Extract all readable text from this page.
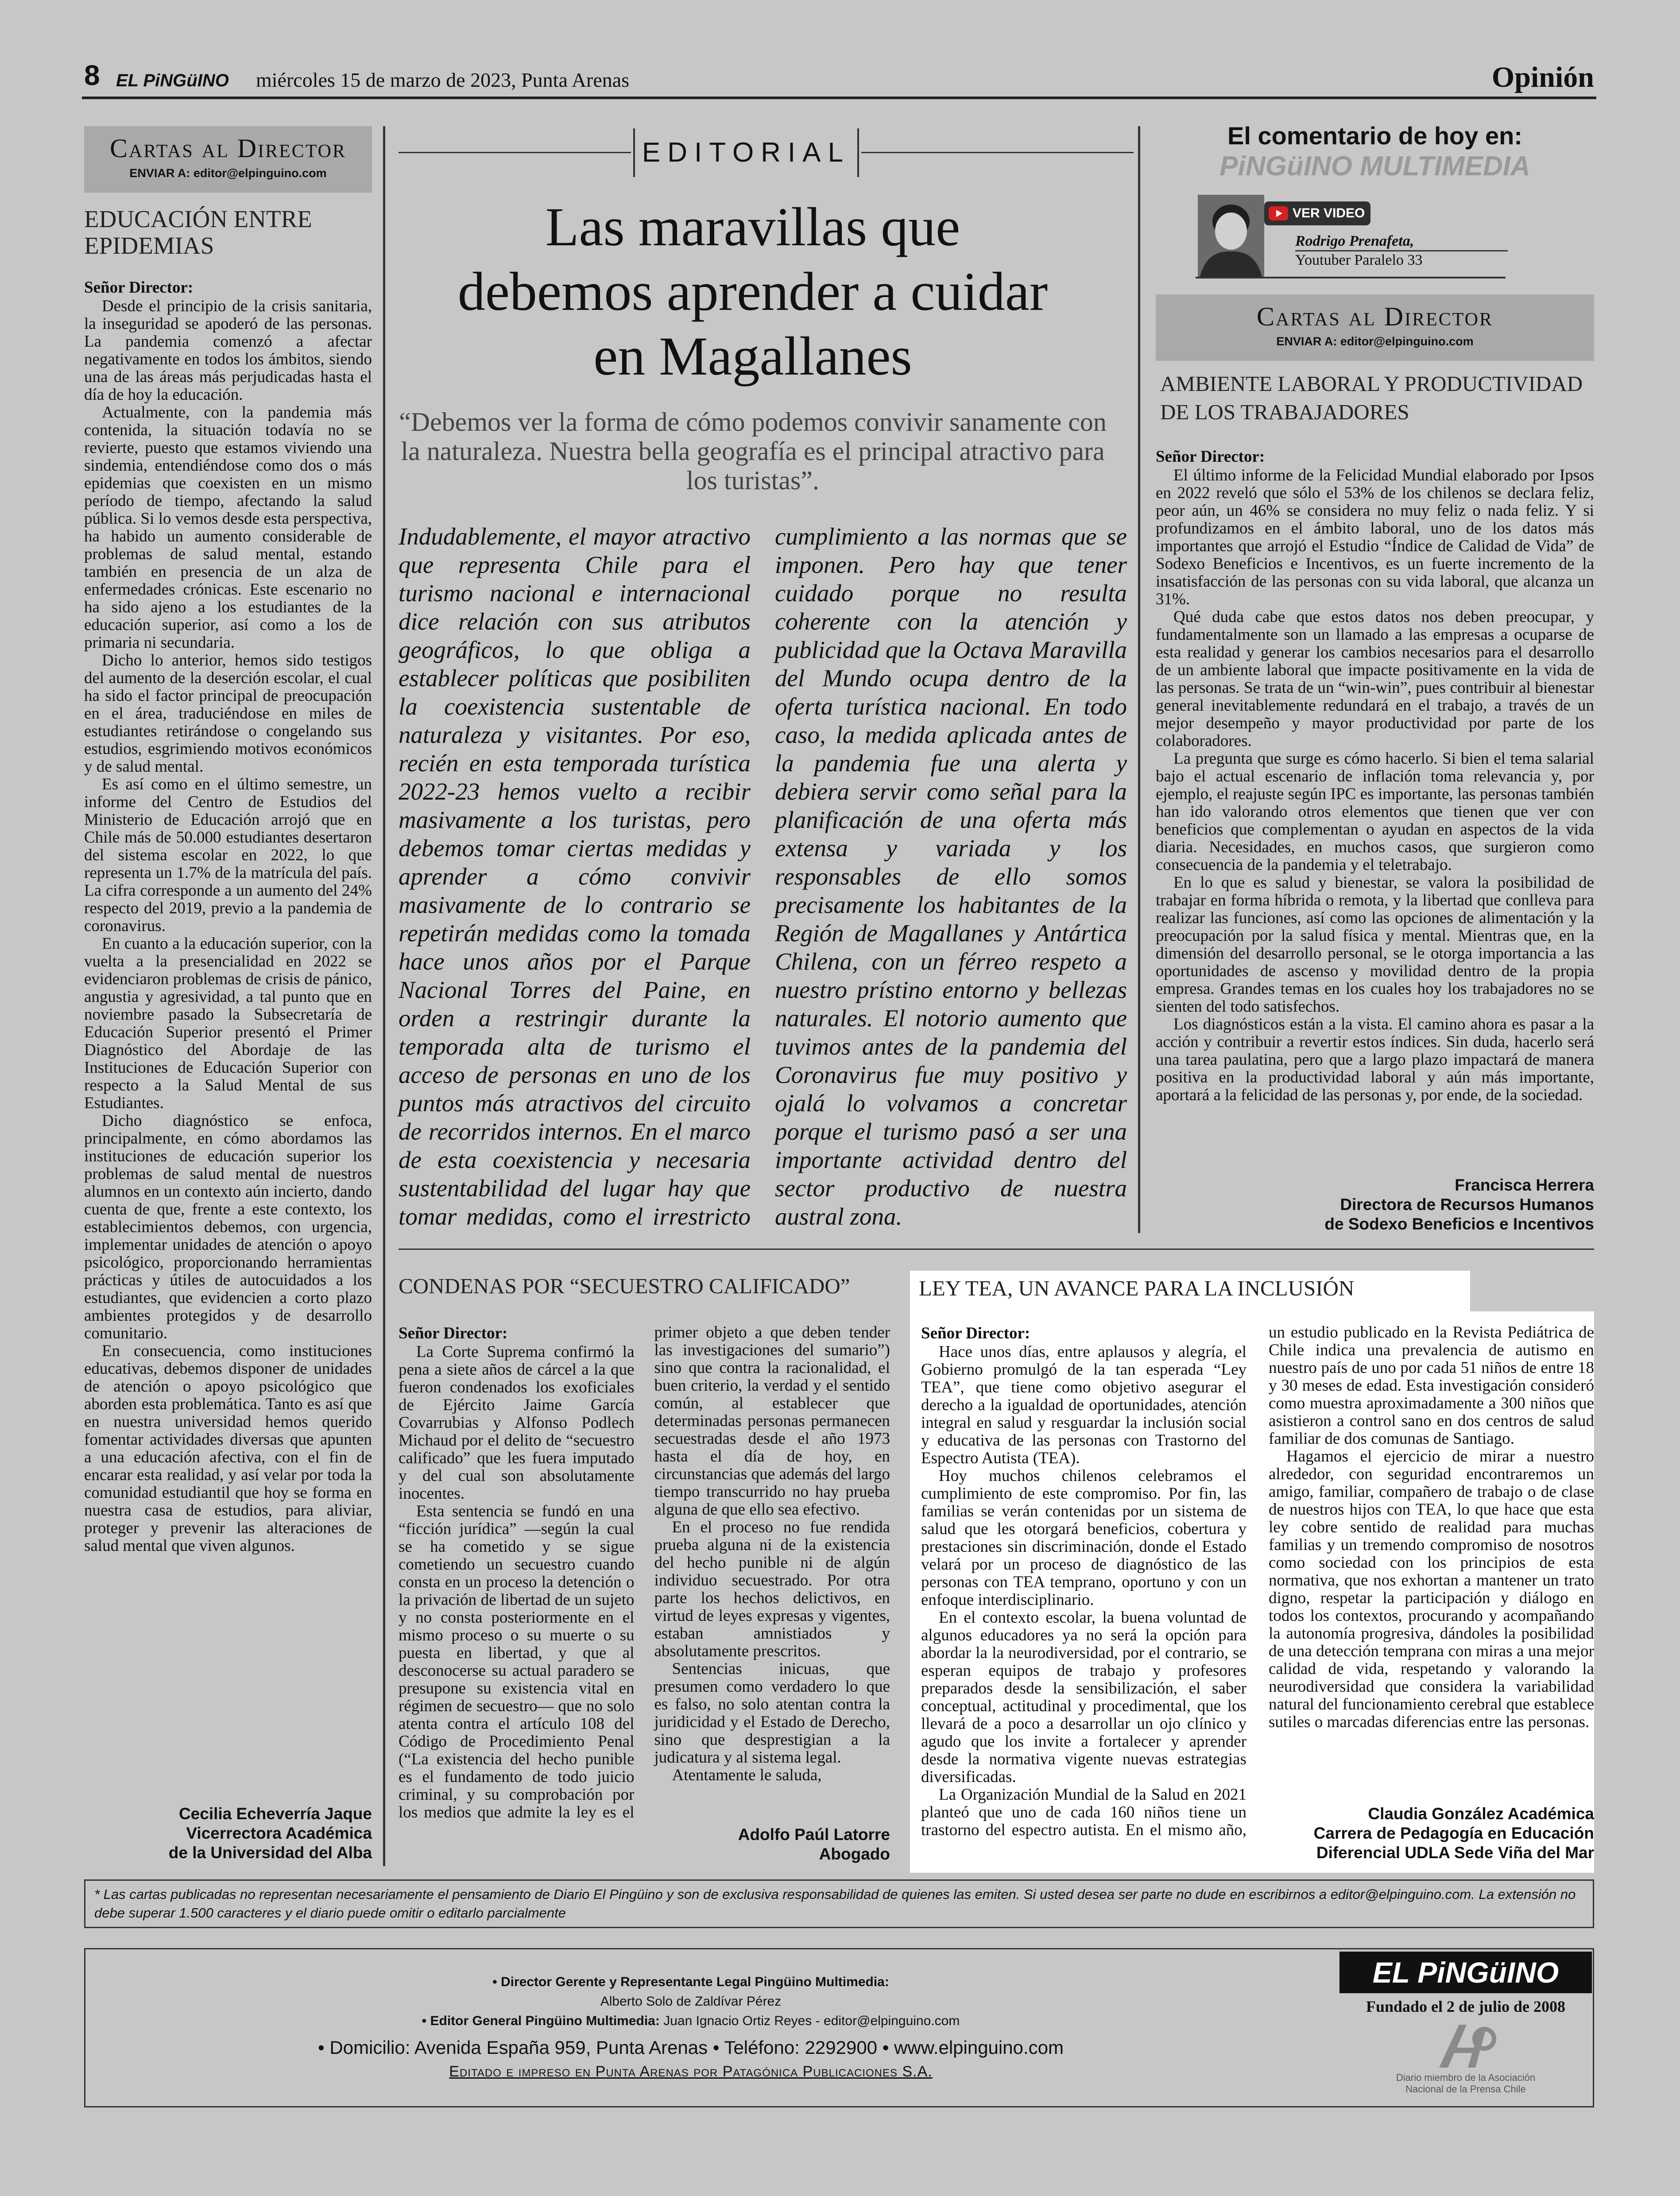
8 EL PiNGüINO miércoles 15 de marzo de 2023, Punta Arenas	Opinión
Cartas al Director
ENVIAR A: editor@elpinguino.com
EDUCACIÓN ENTRE EPIDEMIAS
Señor Director:

Desde el principio de la crisis sanitaria, la inseguridad se apoderó de las personas. La pandemia comenzó a afectar negativamente en todos los ámbitos, siendo una de las áreas más perjudicadas hasta el día de hoy la educación.

Actualmente, con la pandemia más contenida, la situación todavía no se revierte, puesto que estamos viviendo una sindemia, entendiéndose como dos o más epidemias que coexisten en un mismo período de tiempo, afectando la salud pública. Si lo vemos desde esta perspectiva, ha habido un aumento considerable de problemas de salud mental, estando también en presencia de un alza de enfermedades crónicas. Este escenario no ha sido ajeno a los estudiantes de la educación superior, así como a los de primaria ni secundaria.

Dicho lo anterior, hemos sido testigos del aumento de la deserción escolar, el cual ha sido el factor principal de preocupación en el área, traduciéndose en miles de estudiantes retirándose o congelando sus estudios, esgrimiendo motivos económicos y de salud mental.

Es así como en el último semestre, un informe del Centro de Estudios del Ministerio de Educación arrojó que en Chile más de 50.000 estudiantes desertaron del sistema escolar en 2022, lo que representa un 1.7% de la matrícula del país. La cifra corresponde a un aumento del 24% respecto del 2019, previo a la pandemia de coronavirus.

En cuanto a la educación superior, con la vuelta a la presencialidad en 2022 se evidenciaron problemas de crisis de pánico, angustia y agresividad, a tal punto que en noviembre pasado la Subsecretaría de Educación Superior presentó el Primer Diagnóstico del Abordaje de las Instituciones de Educación Superior con respecto a la Salud Mental de sus Estudiantes.

Dicho diagnóstico se enfoca, principalmente, en cómo abordamos las instituciones de educación superior los problemas de salud mental de nuestros alumnos en un contexto aún incierto, dando cuenta de que, frente a este contexto, los establecimientos debemos, con urgencia, implementar unidades de atención o apoyo psicológico, proporcionando herramientas prácticas y útiles de autocuidados a los estudiantes, que evidencien a corto plazo ambientes protegidos y de desarrollo comunitario.

En consecuencia, como instituciones educativas, debemos disponer de unidades de atención o apoyo psicológico que aborden esta problemática. Tanto es así que en nuestra universidad hemos querido fomentar actividades diversas que apunten a una educación afectiva, con el fin de encarar esta realidad, y así velar por toda la comunidad estudiantil que hoy se forma en nuestra casa de estudios, para aliviar, proteger y prevenir las alteraciones de salud mental que viven algunos.

Cecilia Echeverría Jaque
Vicerrectora Académica
de la Universidad del Alba
EDITORIAL
Las maravillas que debemos aprender a cuidar en Magallanes
“Debemos ver la forma de cómo podemos convivir sanamente con la naturaleza. Nuestra bella geografía es el principal atractivo para los turistas”.
Indudablemente, el mayor atractivo que representa Chile para el turismo nacional e internacional dice relación con sus atributos geográficos, lo que obliga a establecer políticas que posibiliten la coexistencia sustentable de naturaleza y visitantes. Por eso, recién en esta temporada turística 2022-23 hemos vuelto a recibir masivamente a los turistas, pero debemos tomar ciertas medidas y aprender a cómo convivir masivamente de lo contrario se repetirán medidas como la tomada hace unos años por el Parque Nacional Torres del Paine, en orden a restringir durante la temporada alta de turismo el acceso de personas en uno de los puntos más atractivos del circuito de recorridos internos. En el marco de esta coexistencia y necesaria sustentabilidad del lugar hay que tomar medidas, como el irrestricto cumplimiento a las normas que se imponen. Pero hay que tener cuidado porque no resulta coherente con la atención y publicidad que la Octava Maravilla del Mundo ocupa dentro de la oferta turística nacional. En todo caso, la medida aplicada antes de la pandemia fue una alerta y debiera servir como señal para la planificación de una oferta más extensa y variada y los responsables de ello somos precisamente los habitantes de la Región de Magallanes y Antártica Chilena, con un férreo respeto a nuestro prístino entorno y bellezas naturales. El notorio aumento que tuvimos antes de la pandemia del Coronavirus fue muy positivo y ojalá lo volvamos a concretar porque el turismo pasó a ser una importante actividad dentro del sector productivo de nuestra austral zona.
El comentario de hoy en:
PiNGüINO MULTIMEDIA
VER VIDEO
Rodrigo Prenafeta,
Youtuber Paralelo 33
Cartas al Director
ENVIAR A: editor@elpinguino.com
AMBIENTE LABORAL Y PRODUCTIVIDAD DE LOS TRABAJADORES
Señor Director:

El último informe de la Felicidad Mundial elaborado por Ipsos en 2022 reveló que sólo el 53% de los chilenos se declara feliz, peor aún, un 46% se considera no muy feliz o nada feliz. Y si profundizamos en el ámbito laboral, uno de los datos más importantes que arrojó el Estudio “Índice de Calidad de Vida” de Sodexo Beneficios e Incentivos, es un fuerte incremento de la insatisfacción de las personas con su vida laboral, que alcanza un 31%.

Qué duda cabe que estos datos nos deben preocupar, y fundamentalmente son un llamado a las empresas a ocuparse de esta realidad y generar los cambios necesarios para el desarrollo de un ambiente laboral que impacte positivamente en la vida de las personas. Se trata de un “win-win”, pues contribuir al bienestar general inevitablemente redundará en el trabajo, a través de un mejor desempeño y mayor productividad por parte de los colaboradores.

La pregunta que surge es cómo hacerlo. Si bien el tema salarial bajo el actual escenario de inflación toma relevancia y, por ejemplo, el reajuste según IPC es importante, las personas también han ido valorando otros elementos que tienen que ver con beneficios que complementan o ayudan en aspectos de la vida diaria. Necesidades, en muchos casos, que surgieron como consecuencia de la pandemia y el teletrabajo.

En lo que es salud y bienestar, se valora la posibilidad de trabajar en forma híbrida o remota, y la libertad que conlleva para realizar las funciones, así como las opciones de alimentación y la preocupación por la salud física y mental. Mientras que, en la dimensión del desarrollo personal, se le otorga importancia a las oportunidades de ascenso y movilidad dentro de la propia empresa. Grandes temas en los cuales hoy los trabajadores no se sienten del todo satisfechos.

Los diagnósticos están a la vista. El camino ahora es pasar a la acción y contribuir a revertir estos índices. Sin duda, hacerlo será una tarea paulatina, pero que a largo plazo impactará de manera positiva en la productividad laboral y aún más importante, aportará a la felicidad de las personas y, por ende, de la sociedad.

Francisca Herrera
Directora de Recursos Humanos
de Sodexo Beneficios e Incentivos
CONDENAS POR “SECUESTRO CALIFICADO”
Señor Director:

La Corte Suprema confirmó la pena a siete años de cárcel a la que fueron condenados los exoficiales de Ejército Jaime García Covarrubias y Alfonso Podlech Michaud por el delito de “secuestro calificado” que les fuera imputado y del cual son absolutamente inocentes.

Esta sentencia se fundó en una “ficción jurídica” —según la cual se ha cometido y se sigue cometiendo un secuestro cuando consta en un proceso la detención o la privación de libertad de un sujeto y no consta posteriormente en el mismo proceso o su muerte o su puesta en libertad, y que al desconocerse su actual paradero se presupone su existencia vital en régimen de secuestro— que no solo atenta contra el artículo 108 del Código de Procedimiento Penal (“La existencia del hecho punible es el fundamento de todo juicio criminal, y su comprobación por los medios que admite la ley es el primer objeto a que deben tender las investigaciones del sumario”) sino que contra la racionalidad, el buen criterio, la verdad y el sentido común, al establecer que determinadas personas permanecen secuestradas desde el año 1973 hasta el día de hoy, en circunstancias que además del largo tiempo transcurrido no hay prueba alguna de que ello sea efectivo.

En el proceso no fue rendida prueba alguna ni de la existencia del hecho punible ni de algún individuo secuestrado. Por otra parte los hechos delictivos, en virtud de leyes expresas y vigentes, estaban amnistiados y absolutamente prescritos.

Sentencias inicuas, que presumen como verdadero lo que es falso, no solo atentan contra la juridicidad y el Estado de Derecho, sino que desprestigian a la judicatura y al sistema legal.

Atentamente le saluda,

Adolfo Paúl Latorre
Abogado
LEY TEA, UN AVANCE PARA LA INCLUSIÓN
Señor Director:

Hace unos días, entre aplausos y alegría, el Gobierno promulgó de la tan esperada “Ley TEA”, que tiene como objetivo asegurar el derecho a la igualdad de oportunidades, atención integral en salud y resguardar la inclusión social y educativa de las personas con Trastorno del Espectro Autista (TEA).

Hoy muchos chilenos celebramos el cumplimiento de este compromiso. Por fin, las familias se verán contenidas por un sistema de salud que les otorgará beneficios, cobertura y prestaciones sin discriminación, donde el Estado velará por un proceso de diagnóstico de las personas con TEA temprano, oportuno y con un enfoque interdisciplinario.

En el contexto escolar, la buena voluntad de algunos educadores ya no será la opción para abordar la la neurodiversidad, por el contrario, se esperan equipos de trabajo y profesores preparados desde la sensibilización, el saber conceptual, actitudinal y procedimental, que los llevará de a poco a desarrollar un ojo clínico y agudo que los invite a fortalecer y aprender desde la normativa vigente nuevas estrategias diversificadas.

La Organización Mundial de la Salud en 2021 planteó que uno de cada 160 niños tiene un trastorno del espectro autista. En el mismo año, un estudio publicado en la Revista Pediátrica de Chile indica una prevalencia de autismo en nuestro país de uno por cada 51 niños de entre 18 y 30 meses de edad. Esta investigación consideró como muestra aproximadamente a 300 niños que asistieron a control sano en dos centros de salud familiar de dos comunas de Santiago.

Hagamos el ejercicio de mirar a nuestro alrededor, con seguridad encontraremos un amigo, familiar, compañero de trabajo o de clase de nuestros hijos con TEA, lo que hace que esta ley cobre sentido de realidad para muchas familias y un tremendo compromiso de nosotros como sociedad con los principios de esta normativa, que nos exhortan a mantener un trato digno, respetar la participación y diálogo en todos los contextos, procurando y acompañando la autonomía progresiva, dándoles la posibilidad de una detección temprana con miras a una mejor calidad de vida, respetando y valorando la neurodiversidad que considera la variabilidad natural del funcionamiento cerebral que establece sutiles o marcadas diferencias entre las personas.

Claudia González Académica
Carrera de Pedagogía en Educación
Diferencial UDLA Sede Viña del Mar
* Las cartas publicadas no representan necesariamente el pensamiento de Diario El Pingüino y son de exclusiva responsabilidad de quienes las emiten. Si usted desea ser parte no dude en escribirnos a editor@elpinguino.com. La extensión no debe superar 1.500 caracteres y el diario puede omitir o editarlo parcialmente
• Director Gerente y Representante Legal Pingüino Multimedia:
Alberto Solo de Zaldívar Pérez
• Editor General Pingüino Multimedia: Juan Ignacio Ortiz Reyes - editor@elpinguino.com
• Domicilio: Avenida España 959, Punta Arenas • Teléfono: 2292900 • www.elpinguino.com
Editado e impreso en Punta Arenas por Patagónica Publicaciones S.A.
EL PiNGüINO
Fundado el 2 de julio de 2008
Diario miembro de la Asociación Nacional de la Prensa Chile
